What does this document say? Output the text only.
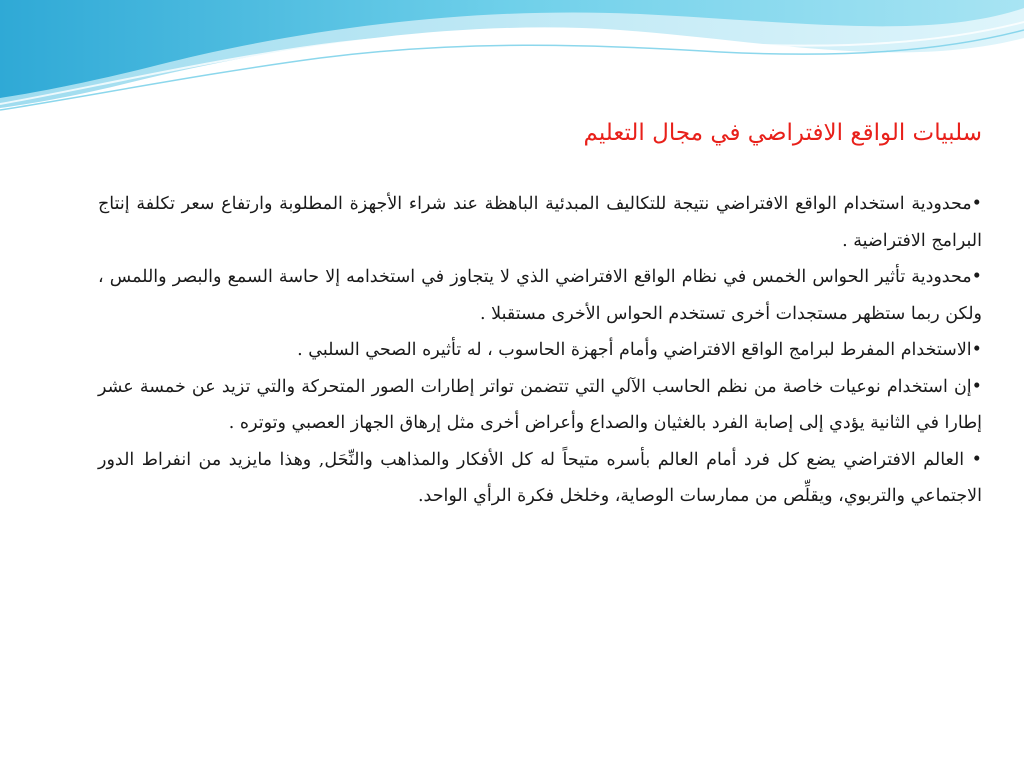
سلبيات الواقع الافتراضي في مجال التعليم

•محدودية استخدام الواقع الافتراضي نتيجة للتكاليف المبدئية الباهظة عند شراء الأجهزة المطلوبة وارتفاع سعر تكلفة إنتاج البرامج الافتراضية .

•محدودية تأثير الحواس الخمس في نظام الواقع الافتراضي الذي لا يتجاوز في استخدامه إلا حاسة السمع والبصر واللمس ، ولكن ربما ستظهر مستجدات أخرى تستخدم الحواس الأخرى مستقبلا .

•الاستخدام المفرط لبرامج الواقع الافتراضي وأمام أجهزة الحاسوب ، له تأثيره الصحي السلبي .

•إن استخدام نوعيات خاصة من نظم الحاسب الآلي التي تتضمن تواتر إطارات الصور المتحركة والتي تزيد عن خمسة عشر إطارا في الثانية يؤدي إلى إصابة الفرد بالغثيان والصداع وأعراض أخرى مثل إرهاق الجهاز العصبي وتوتره .

• العالم الافتراضي يضع كل فرد أمام العالم بأسره متيحاً له كل الأفكار والمذاهب والنِّحَل, وهذا مايزيد من انفراط الدور الاجتماعي والتربوي، ويقلِّص من ممارسات الوصاية، وخلخل فكرة الرأي الواحد.
